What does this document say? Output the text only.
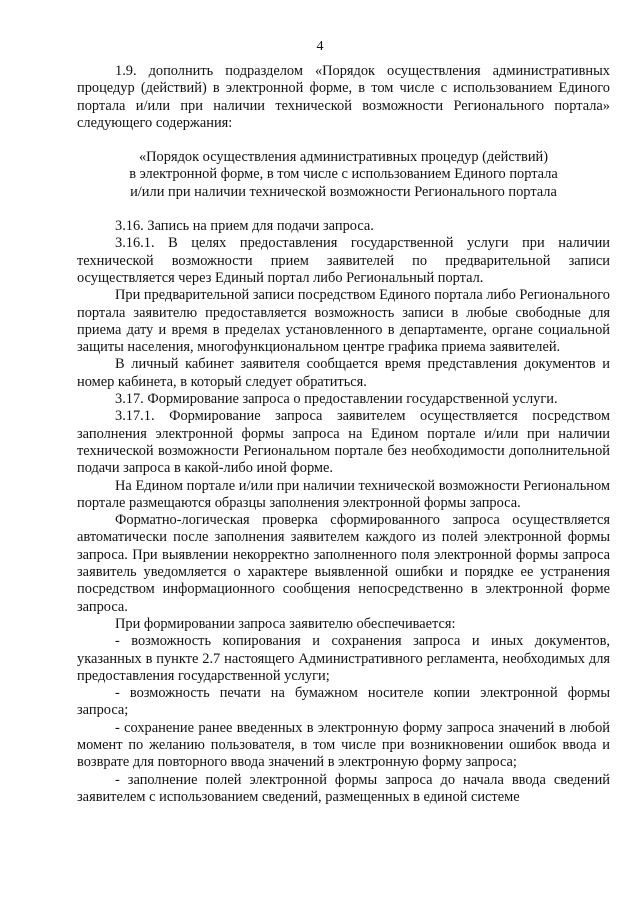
4

1.9. дополнить подразделом «Порядок осуществления административных процедур (действий) в электронной форме, в том числе с использованием Единого портала и/или при наличии технической возможности Регионального портала» следующего содержания:

«Порядок осуществления административных процедур (действий)

в электронной форме, в том числе с использованием Единого портала

и/или при наличии технической возможности Регионального портала

3.16. Запись на прием для подачи запроса.

3.16.1. В целях предоставления государственной услуги при наличии технической возможности прием заявителей по предварительной записи осуществляется через Единый портал либо Региональный портал.

При предварительной записи посредством Единого портала либо Регионального портала заявителю предоставляется возможность записи в любые свободные для приема дату и время в пределах установленного в департаменте, органе социальной защиты населения, многофункциональном центре графика приема заявителей.

В личный кабинет заявителя сообщается время представления документов и номер кабинета, в который следует обратиться.

3.17. Формирование запроса о предоставлении государственной услуги.

3.17.1. Формирование запроса заявителем осуществляется посредством заполнения электронной формы запроса на Едином портале и/или при наличии технической возможности Региональном портале без необходимости дополнительной подачи запроса в какой-либо иной форме.

На Едином портале и/или при наличии технической возможности Региональном портале размещаются образцы заполнения электронной формы запроса.

Форматно-логическая проверка сформированного запроса осуществляется автоматически после заполнения заявителем каждого из полей электронной формы запроса. При выявлении некорректно заполненного поля электронной формы запроса заявитель уведомляется о характере выявленной ошибки и порядке ее устранения посредством информационного сообщения непосредственно в электронной форме запроса.

При формировании запроса заявителю обеспечивается:

- возможность копирования и сохранения запроса и иных документов, указанных в пункте 2.7 настоящего Административного регламента, необходимых для предоставления государственной услуги;

- возможность печати на бумажном носителе копии электронной формы запроса;

- сохранение ранее введенных в электронную форму запроса значений в любой момент по желанию пользователя, в том числе при возникновении ошибок ввода и возврате для повторного ввода значений в электронную форму запроса;

- заполнение полей электронной формы запроса до начала ввода сведений заявителем с использованием сведений, размещенных в единой системе
